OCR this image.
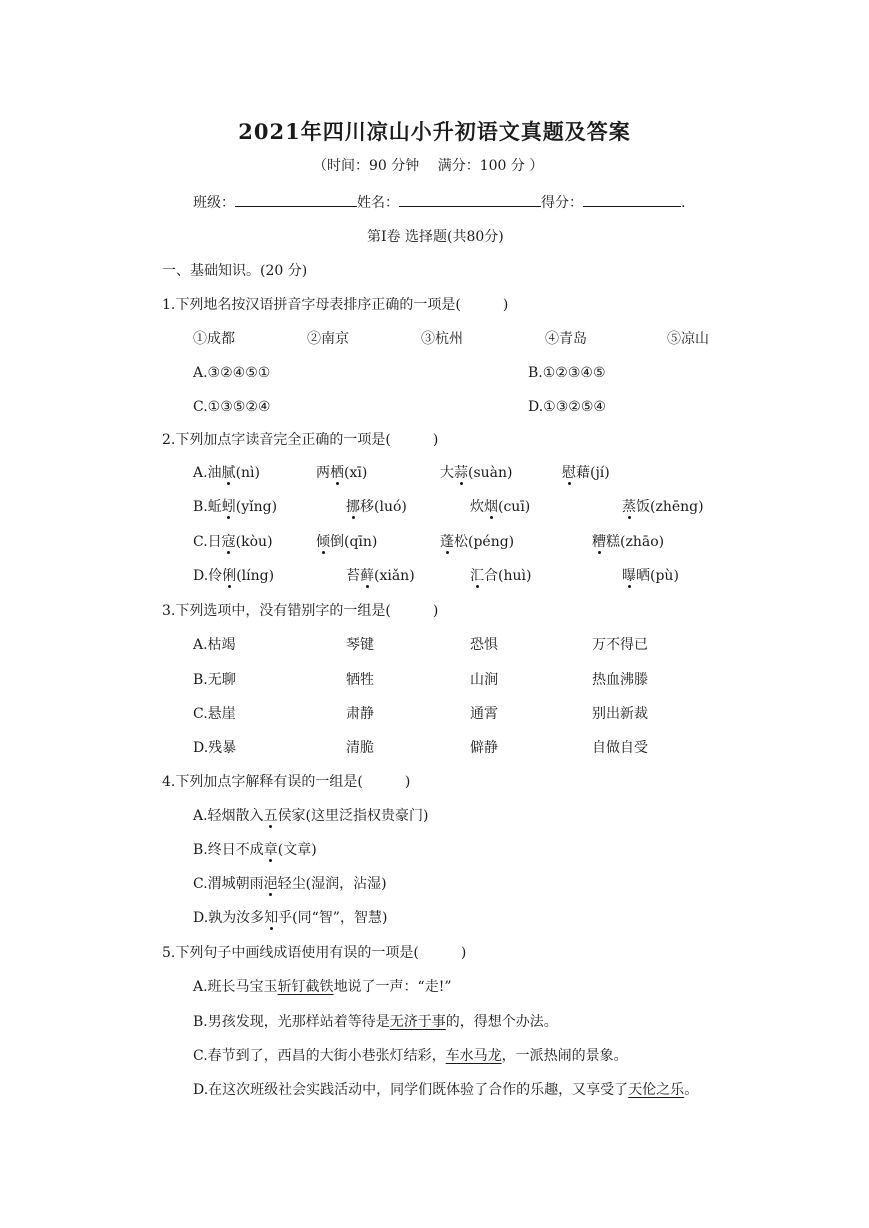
2021年四川凉山小升初语文真题及答案
（时间：90 分钟　 满分：100 分 ）
班级：	姓名：	得分：	.
第Ⅰ卷 选择题(共80分)
一、基础知识。(20 分)
1.下列地名按汉语拼音字母表排序正确的一项是(　　　)
①成都	②南京	③杭州	④青岛	⑤凉山
A.③②④⑤①	B.①②③④⑤
C.①③⑤②④	D.①③②⑤④
2.下列加点字读音完全正确的一项是(　　　)
A.油腻(nì)	两栖(xī)	大蒜(suàn)	慰藉(jí)
B.蚯蚓(yǐng)	挪移(luó)	炊烟(cuī)	蒸饭(zhēng)
C.日寇(kòu)	倾倒(qīn)	蓬松(péng)	糟糕(zhāo)
D.伶俐(líng)	苔藓(xiǎn)	汇合(huì)	曝晒(pù)
3.下列选项中，没有错别字的一组是(　　　)
A.枯竭	琴键	恐惧	万不得已
B.无聊	牺牲	山涧	热血沸滕
C.悬崖	肃静	通霄	别出新裁
D.残暴	清脆	僻静	自做自受
4.下列加点字解释有误的一组是(　　　)
A.轻烟散入五侯家(这里泛指权贵豪门)
B.终日不成章(文章)
C.渭城朝雨浥轻尘(湿润，沾湿)
D.孰为汝多知乎(同“智”，智慧)
5.下列句子中画线成语使用有误的一项是(　　　)
A.班长马宝玉斩钉截铁地说了一声：“走!”
B.男孩发现，光那样站着等待是无济于事的，得想个办法。
C.春节到了，西昌的大街小巷张灯结彩，车水马龙，一派热闹的景象。
D.在这次班级社会实践活动中，同学们既体验了合作的乐趣，又享受了天伦之乐。
